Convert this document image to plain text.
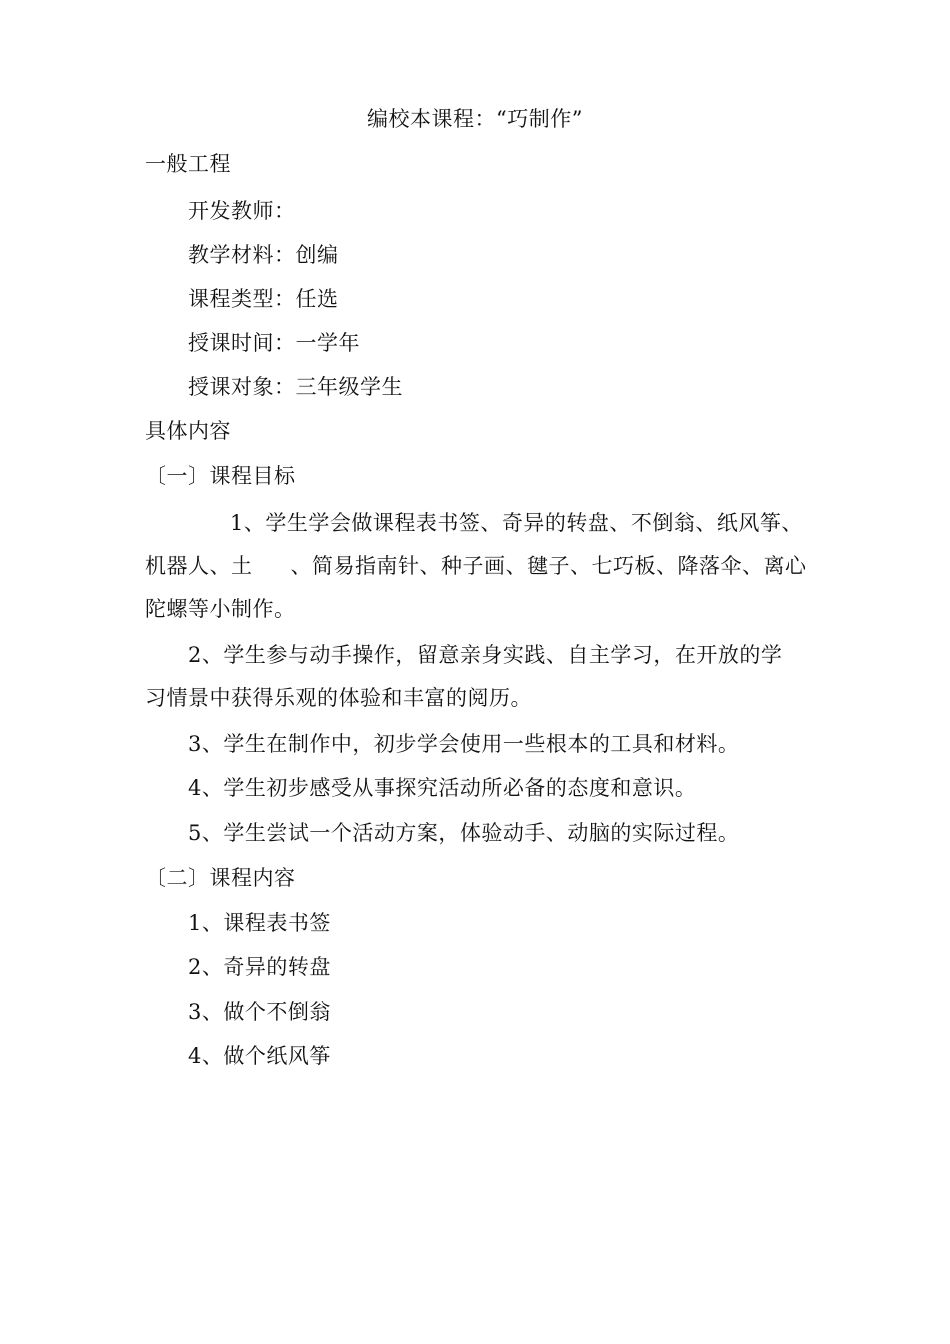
编校本课程：“巧制作”
一般工程
开发教师：
教学材料：创编
课程类型：任选
授课时间：一学年
授课对象：三年级学生
具体内容
〔一〕课程目标
1、学生学会做课程表书签、奇异的转盘、不倒翁、纸风筝、
机器人、土 、简易指南针、种子画、毽子、七巧板、降落伞、离心
陀螺等小制作。
2、学生参与动手操作，留意亲身实践、自主学习，在开放的学
习情景中获得乐观的体验和丰富的阅历。
3、学生在制作中，初步学会使用一些根本的工具和材料。
4、学生初步感受从事探究活动所必备的态度和意识。
5、学生尝试一个活动方案，体验动手、动脑的实际过程。
〔二〕课程内容
1、课程表书签
2、奇异的转盘
3、做个不倒翁
4、做个纸风筝
